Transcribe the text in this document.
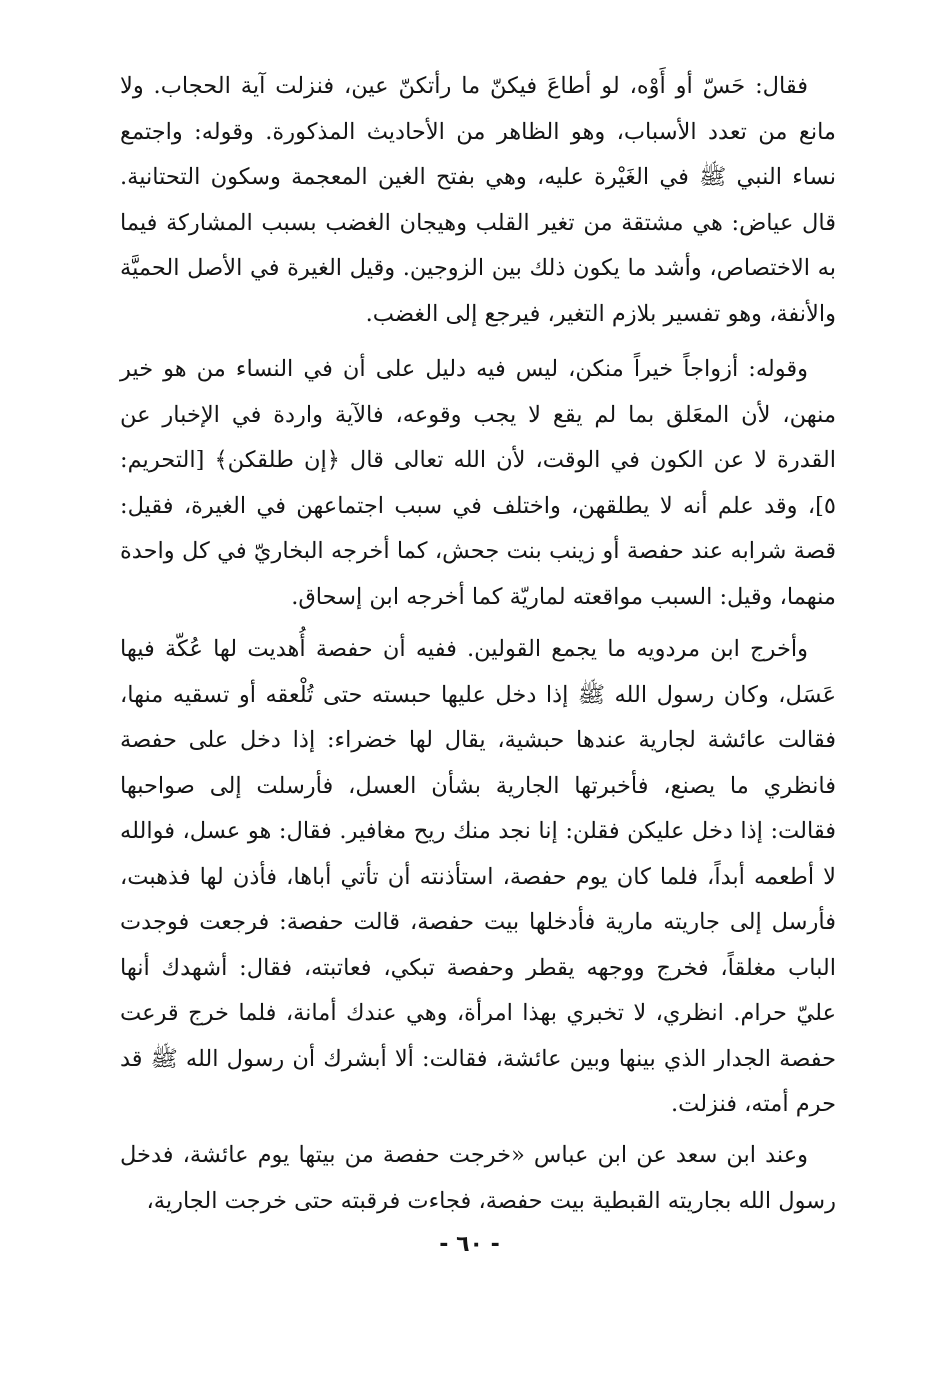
فقال: حَسّ أو أَوْه، لو أطاعَ فيكنّ ما رأتكنّ عين، فنزلت آية الحجاب. ولا مانع من تعدد الأسباب، وهو الظاهر من الأحاديث المذكورة. وقوله: واجتمع نساء النبي ﷺ في الغَيْرة عليه، وهي بفتح الغين المعجمة وسكون التحتانية. قال عياض: هي مشتقة من تغير القلب وهيجان الغضب بسبب المشاركة فيما به الاختصاص، وأشد ما يكون ذلك بين الزوجين. وقيل الغيرة في الأصل الحميَّة والأنفة، وهو تفسير بلازم التغير، فيرجع إلى الغضب.

وقوله: أزواجاً خيراً منكن، ليس فيه دليل على أن في النساء من هو خير منهن، لأن المعَلق بما لم يقع لا يجب وقوعه، فالآية واردة في الإخبار عن القدرة لا عن الكون في الوقت، لأن الله تعالى قال ﴿إن طلقكن﴾ [التحريم: ٥]، وقد علم أنه لا يطلقهن، واختلف في سبب اجتماعهن في الغيرة، فقيل: قصة شرابه عند حفصة أو زينب بنت جحش، كما أخرجه البخاريّ في كل واحدة منهما، وقيل: السبب مواقعته لماريّة كما أخرجه ابن إسحاق.

وأخرج ابن مردويه ما يجمع القولين. ففيه أن حفصة أُهديت لها عُكّة فيها عَسَل، وكان رسول الله ﷺ إذا دخل عليها حبسته حتى تُلْعقه أو تسقيه منها، فقالت عائشة لجارية عندها حبشية، يقال لها خضراء: إذا دخل على حفصة فانظري ما يصنع، فأخبرتها الجارية بشأن العسل، فأرسلت إلى صواحبها فقالت: إذا دخل عليكن فقلن: إنا نجد منك ريح مغافير. فقال: هو عسل، فوالله لا أطعمه أبداً، فلما كان يوم حفصة، استأذنته أن تأتي أباها، فأذن لها فذهبت، فأرسل إلى جاريته مارية فأدخلها بيت حفصة، قالت حفصة: فرجعت فوجدت الباب مغلقاً، فخرج ووجهه يقطر وحفصة تبكي، فعاتبته، فقال: أشهدك أنها عليّ حرام. انظري، لا تخبري بهذا امرأة، وهي عندك أمانة، فلما خرج قرعت حفصة الجدار الذي بينها وبين عائشة، فقالت: ألا أبشرك أن رسول الله ﷺ قد حرم أمته، فنزلت.

وعند ابن سعد عن ابن عباس «خرجت حفصة من بيتها يوم عائشة، فدخل رسول الله بجاريته القبطية بيت حفصة، فجاءت فرقبته حتى خرجت الجارية،

- ٦٠ -
